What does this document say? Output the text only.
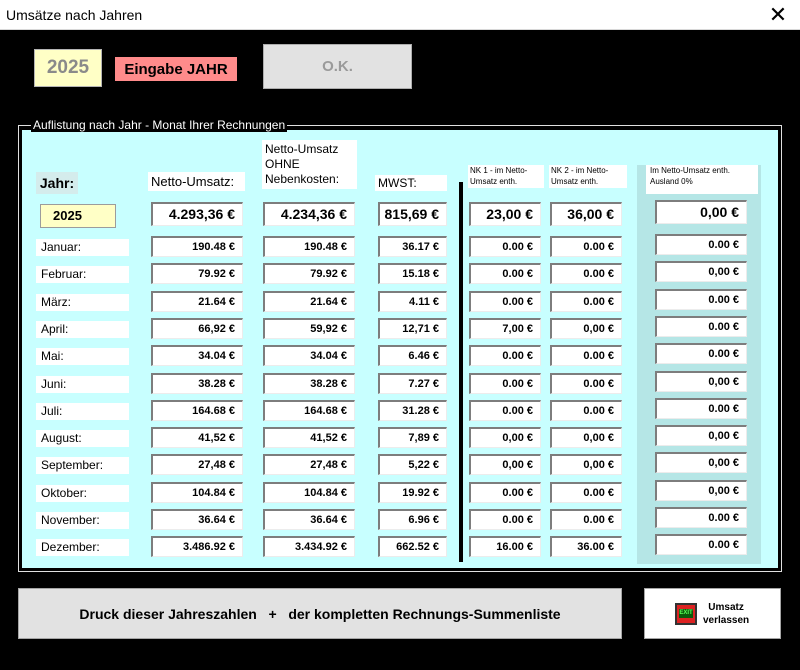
Umsätze nach Jahren	✕
2025	Eingabe JAHR	O.K.
Auflistung nach Jahr - Monat Ihrer Rechnungen
Jahr:	Netto-Umsatz:
Netto-Umsatz OHNE Nebenkosten:	MWST:
NK 1 - im Netto-Umsatz enth.
NK 2 - im Netto-Umsatz enth.
Im Netto-Umsatz enth. Ausland 0%
2025	4.293,36 €	4.234,36 €	815,69 €	23,00 €	36,00 €	0,00 €
Januar:	190.48 €	190.48 €	36.17 €	0.00 €	0.00 €	0.00 €
Februar:	79.92 €	79.92 €	15.18 €	0.00 €	0.00 €	0,00 €
März:	21.64 €	21.64 €	4.11 €	0.00 €	0.00 €	0.00 €
April:	66,92 €	59,92 €	12,71 €	7,00 €	0,00 €	0.00 €
Mai:	34.04 €	34.04 €	6.46 €	0.00 €	0.00 €	0.00 €
Juni:	38.28 €	38.28 €	7.27 €	0.00 €	0.00 €	0,00 €
Juli:	164.68 €	164.68 €	31.28 €	0.00 €	0.00 €	0.00 €
August:	41,52 €	41,52 €	7,89 €	0,00 €	0,00 €	0,00 €
September:	27,48 €	27,48 €	5,22 €	0,00 €	0,00 €	0,00 €
Oktober:	104.84 €	104.84 €	19.92 €	0.00 €	0.00 €	0,00 €
November:	36.64 €	36.64 €	6.96 €	0.00 €	0.00 €	0.00 €
Dezember:	3.486.92 €	3.434.92 €	662.52 €	16.00 €	36.00 €	0.00 €
Druck dieser Jahreszahlen   +   der kompletten Rechnungs-Summenliste	EXIT
Umsatz
verlassen
